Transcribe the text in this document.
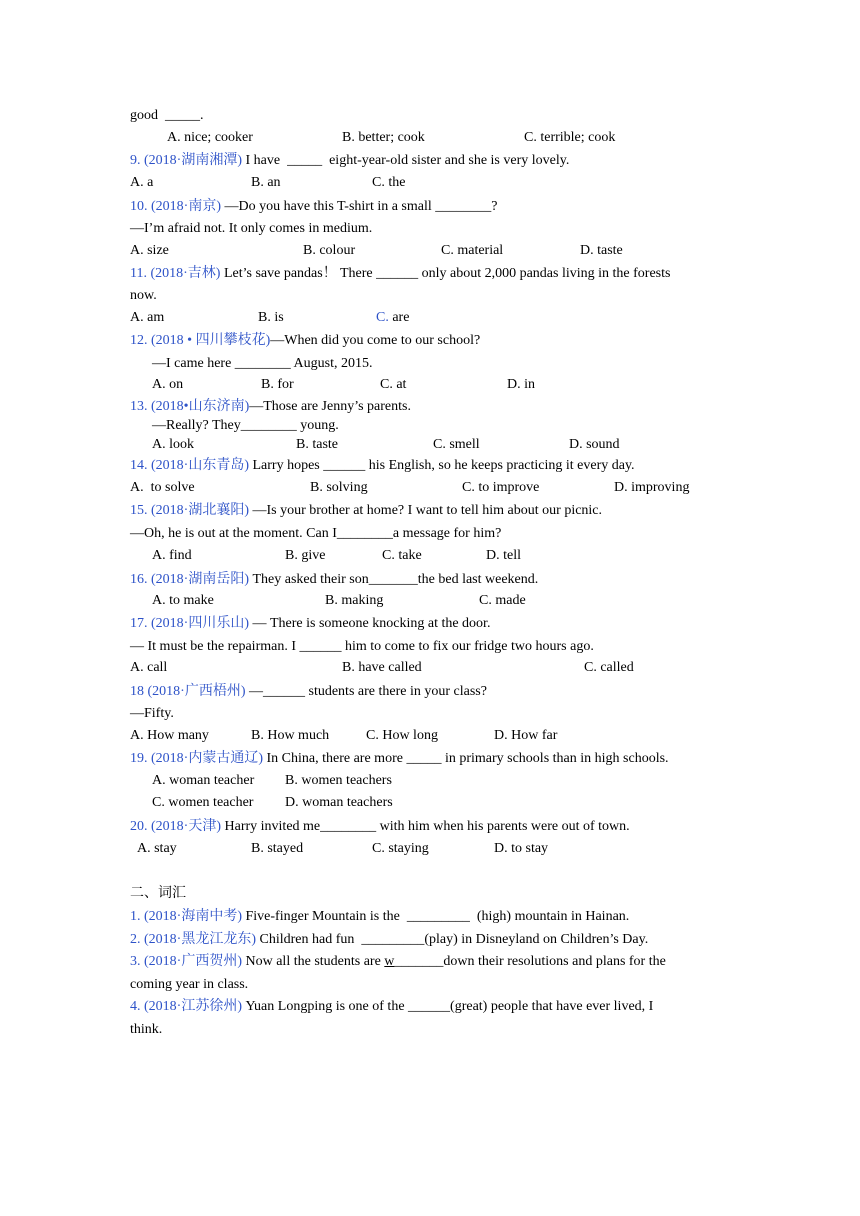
good  _____.
A. nice; cooker	B. better; cook	C. terrible; cook
9. (2018·湖南湘潭) I have  _____  eight-year-old sister and she is very lovely.
A. a	B. an	C. the
10. (2018·南京) —Do you have this T-shirt in a small ________?
—I’m afraid not. It only comes in medium.
A. size	B. colour	C. material	D. taste
11. (2018·吉林) Let’s save pandas！ There ______ only about 2,000 pandas living in the forests
now.
A. am	B. is	C. are
12. (2018 • 四川攀枝花)—When did you come to our school?
—I came here ________ August, 2015.
A. on	B. for	C. at	D. in
13. (2018•山东济南)—Those are Jenny’s parents.
—Really? They________ young.
A. look	B. taste	C. smell	D. sound
14. (2018·山东青岛) Larry hopes ______ his English, so he keeps practicing it every day.
A.  to solve	B. solving	C. to improve	D. improving
15. (2018·湖北襄阳) —Is your brother at home? I want to tell him about our picnic.
—Oh, he is out at the moment. Can I________a message for him?
A. find	B. give	C. take	D. tell
16. (2018·湖南岳阳) They asked their son_______the bed last weekend.
A. to make	B. making	C. made
17. (2018·四川乐山) — There is someone knocking at the door.
— It must be the repairman. I ______ him to come to fix our fridge two hours ago.
A. call	B. have called	C. called
18 (2018·广西梧州) —______ students are there in your class?
—Fifty.
A. How many	B. How much	C. How long	D. How far
19. (2018·内蒙古通辽) In China, there are more _____ in primary schools than in high schools.
A. woman teacher B. women teachers
C. women teacher D. woman teachers
20. (2018·天津) Harry invited me________ with him when his parents were out of town.
A. stay	B. stayed	C. staying	D. to stay
二、词汇
1. (2018·海南中考) Five-finger Mountain is the  _________  (high) mountain in Hainan.
2. (2018·黑龙江龙东) Children had fun  _________(play) in Disneyland on Children’s Day.
3. (2018·广西贺州) Now all the students are w_______down their resolutions and plans for the
coming year in class.
4. (2018·江苏徐州) Yuan Longping is one of the ______(great) people that have ever lived, I
think.
